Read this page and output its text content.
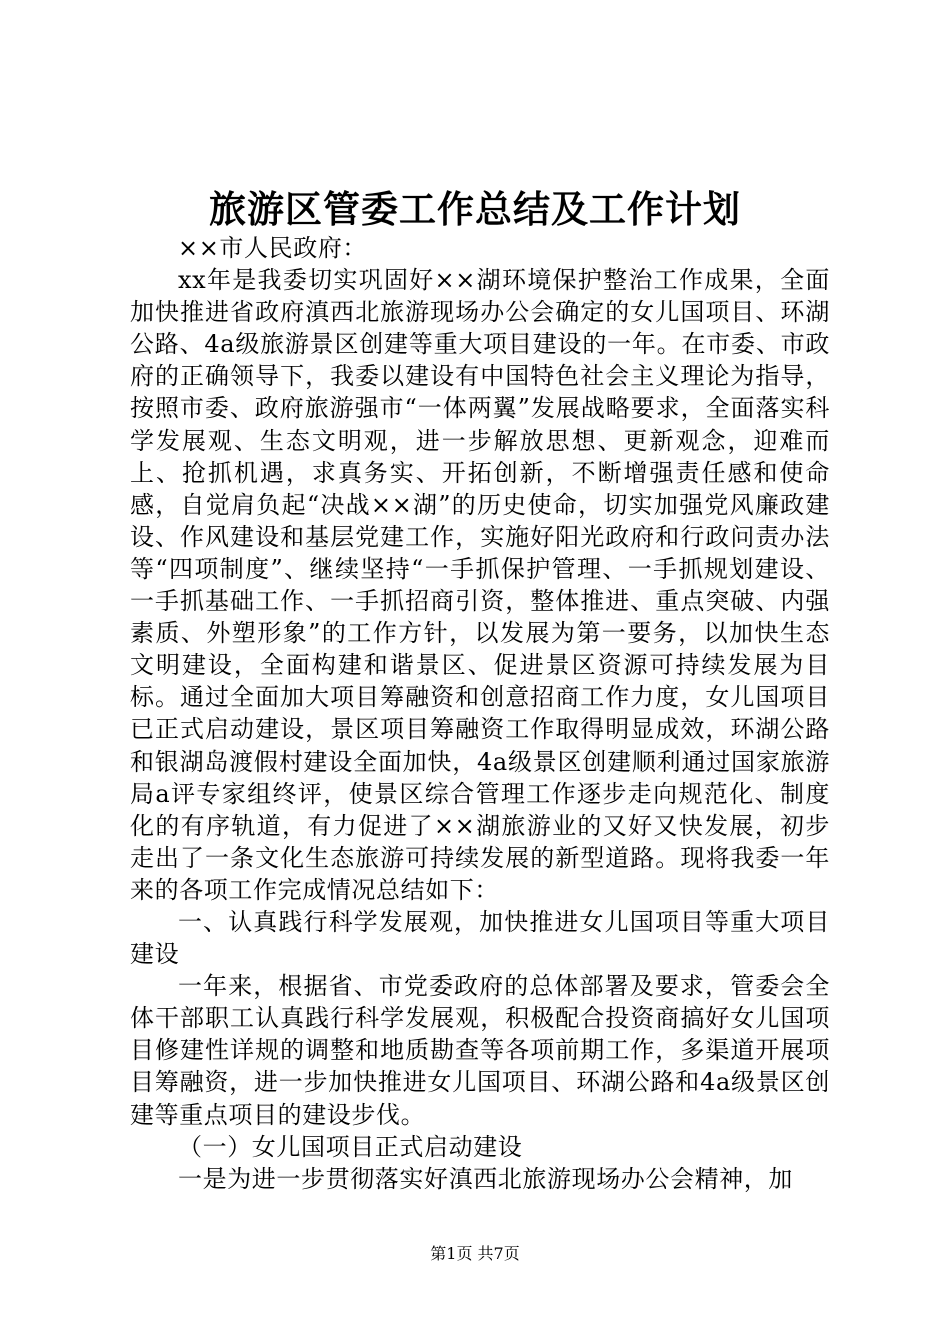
旅游区管委工作总结及工作计划

××市人民政府：

xx年是我委切实巩固好××湖环境保护整治工作成果，全面加快推进省政府滇西北旅游现场办公会确定的女儿国项目、环湖公路、4a级旅游景区创建等重大项目建设的一年。在市委、市政府的正确领导下，我委以建设有中国特色社会主义理论为指导，按照市委、政府旅游强市“一体两翼”发展战略要求，全面落实科学发展观、生态文明观，进一步解放思想、更新观念，迎难而上、抢抓机遇，求真务实、开拓创新，不断增强责任感和使命感，自觉肩负起“决战××湖”的历史使命，切实加强党风廉政建设、作风建设和基层党建工作，实施好阳光政府和行政问责办法等“四项制度”、继续坚持“一手抓保护管理、一手抓规划建设、一手抓基础工作、一手抓招商引资，整体推进、重点突破、内强素质、外塑形象”的工作方针，以发展为第一要务，以加快生态文明建设，全面构建和谐景区、促进景区资源可持续发展为目标。通过全面加大项目筹融资和创意招商工作力度，女儿国项目已正式启动建设，景区项目筹融资工作取得明显成效，环湖公路和银湖岛渡假村建设全面加快，4a级景区创建顺利通过国家旅游局a评专家组终评，使景区综合管理工作逐步走向规范化、制度化的有序轨道，有力促进了××湖旅游业的又好又快发展，初步走出了一条文化生态旅游可持续发展的新型道路。现将我委一年来的各项工作完成情况总结如下：

一、认真践行科学发展观，加快推进女儿国项目等重大项目建设

一年来，根据省、市党委政府的总体部署及要求，管委会全体干部职工认真践行科学发展观，积极配合投资商搞好女儿国项目修建性详规的调整和地质勘查等各项前期工作，多渠道开展项目筹融资，进一步加快推进女儿国项目、环湖公路和4a级景区创建等重点项目的建设步伐。

（一）女儿国项目正式启动建设

一是为进一步贯彻落实好滇西北旅游现场办公会精神，加

第1页 共7页
